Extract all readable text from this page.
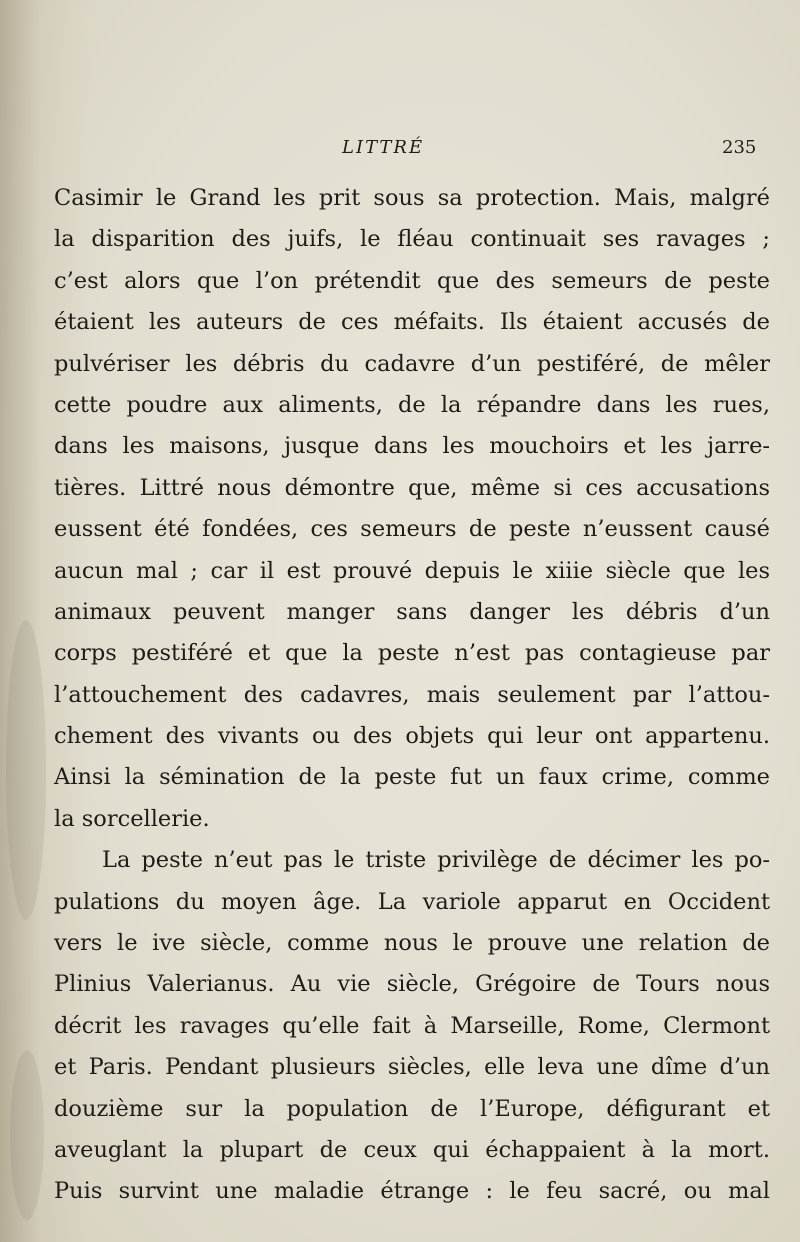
LITTRÉ	235
Casimir le Grand les prit sous sa protection. Mais, malgré
la disparition des juifs, le fléau continuait ses ravages ;
c’est alors que l’on prétendit que des semeurs de peste
étaient les auteurs de ces méfaits. Ils étaient accusés de
pulvériser les débris du cadavre d’un pestiféré, de mêler
cette poudre aux aliments, de la répandre dans les rues,
dans les maisons, jusque dans les mouchoirs et les jarre-
tières. Littré nous démontre que, même si ces accusations
eussent été fondées, ces semeurs de peste n’eussent causé
aucun mal ; car il est prouvé depuis le xiiie siècle que les
animaux peuvent manger sans danger les débris d’un
corps pestiféré et que la peste n’est pas contagieuse par
l’attouchement des cadavres, mais seulement par l’attou-
chement des vivants ou des objets qui leur ont appartenu.
Ainsi la sémination de la peste fut un faux crime, comme
la sorcellerie.
La peste n’eut pas le triste privilège de décimer les po-
pulations du moyen âge. La variole apparut en Occident
vers le ive siècle, comme nous le prouve une relation de
Plinius Valerianus. Au vie siècle, Grégoire de Tours nous
décrit les ravages qu’elle fait à Marseille, Rome, Clermont
et Paris. Pendant plusieurs siècles, elle leva une dîme d’un
douzième sur la population de l’Europe, défigurant et
aveuglant la plupart de ceux qui échappaient à la mort.
Puis survint une maladie étrange : le feu sacré, ou mal
